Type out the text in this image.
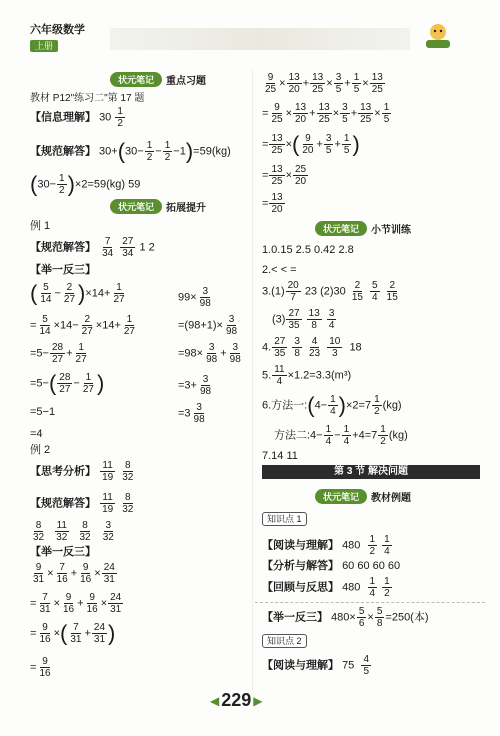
六年级数学
上册
状元笔记	重点习题
教材 P12"练习二"第 17 题
【信息理解】 $30 \frac{1}{2}$
【规范解答】 $30+(30- \frac{1}{2} - \frac{1}{2} -1)=59(kg)$
$(30- \frac{1}{2} )\times 2=59(kg)$ 59
状元笔记	拓展提升
例 1
【规范解答】 $\frac{7}{34}$
$\frac{27}{34} 1$ 2
【举一反三】
( $\frac{5}{14} - \frac{2}{27} )\times 14+ \frac{1}{27}$	$99\times \frac{3}{98}$
= $\frac{5}{14} \times 14- \frac{2}{27} \times 14+ \frac{1}{27}$	$=(98+1)\times \frac{3}{98}$
$=5- \frac{28}{27} + \frac{1}{27}$	$=98\times \frac{3}{98} + \frac{3}{98}$
$=5-( \frac{28}{27} - \frac{1}{27}$ )	$=3+ \frac{3}{98}$
=5−1	$=3 \frac{3}{98}$
=4
例 2
【思考分析】 $\frac{11}{19}$
$\frac{8}{32}$
【规范解答】 $\frac{11}{19}$
$\frac{8}{32}$
$\frac{8}{32}$
$\frac{11}{32}$
$\frac{8}{32}$
$\frac{3}{32}$
【举一反三】
$\frac{9}{31} \times \frac{7}{16} + \frac{9}{16} \times \frac{24}{31}$
= $\frac{7}{31} \times \frac{9}{16} + \frac{9}{16} \times \frac{24}{31}$
= $\frac{9}{16}$ ×( $\frac{7}{31} + \frac{24}{31}$ )
= $\frac{9}{16}$
$\frac{9}{25} \times \frac{13}{20} + \frac{13}{25} \times \frac{3}{5} + \frac{1}{5} \times \frac{13}{25}$
= $\frac{9}{25} \times \frac{13}{20} + \frac{13}{25} \times \frac{3}{5} + \frac{13}{25} \times \frac{1}{5}$
= $\frac{13}{25}$ ×( $\frac{9}{20} + \frac{3}{5} + \frac{1}{5}$ )
= $\frac{13}{25} \times \frac{25}{20}$
= $\frac{13}{20}$
状元笔记	小节训练
1.0.15 2.5 0.42 2.8
2.< < =
$3.(1) \frac{20}{7} 23$ $(2)30 \frac{2}{15}$
$\frac{5}{4}$
$\frac{2}{15}$
$(3) \frac{27}{35}$
$\frac{13}{8}$
$\frac{3}{4}$
4. $\frac{27}{35}$
$\frac{3}{8}$
$\frac{4}{23}$
$\frac{10}{3} 18$
5. $\frac{11}{4} \times 1.2=3.3(m^3)$
6.方法一:(4− $\frac{1}{4} )\times 2=7 \frac{1}{2} (kg)$
方法二:4− $\frac{1}{4} - \frac{1}{4} +4=7 \frac{1}{2} (kg)$
7.14 11
第 3 节 解决问题
状元笔记	教材例题
知识点 1
【阅读与理解】 $480 \frac{1}{2}$
$\frac{1}{4}$
【分析与解答】 60 60 60 60
【回顾与反思】 $480 \frac{1}{4}$
$\frac{1}{2}$
【举一反三】 $480\times \frac{5}{6} \times \frac{5}{8} =250$(本)
知识点 2
【阅读与理解】 $75 \frac{4}{5}$
◀ 229 ▶
